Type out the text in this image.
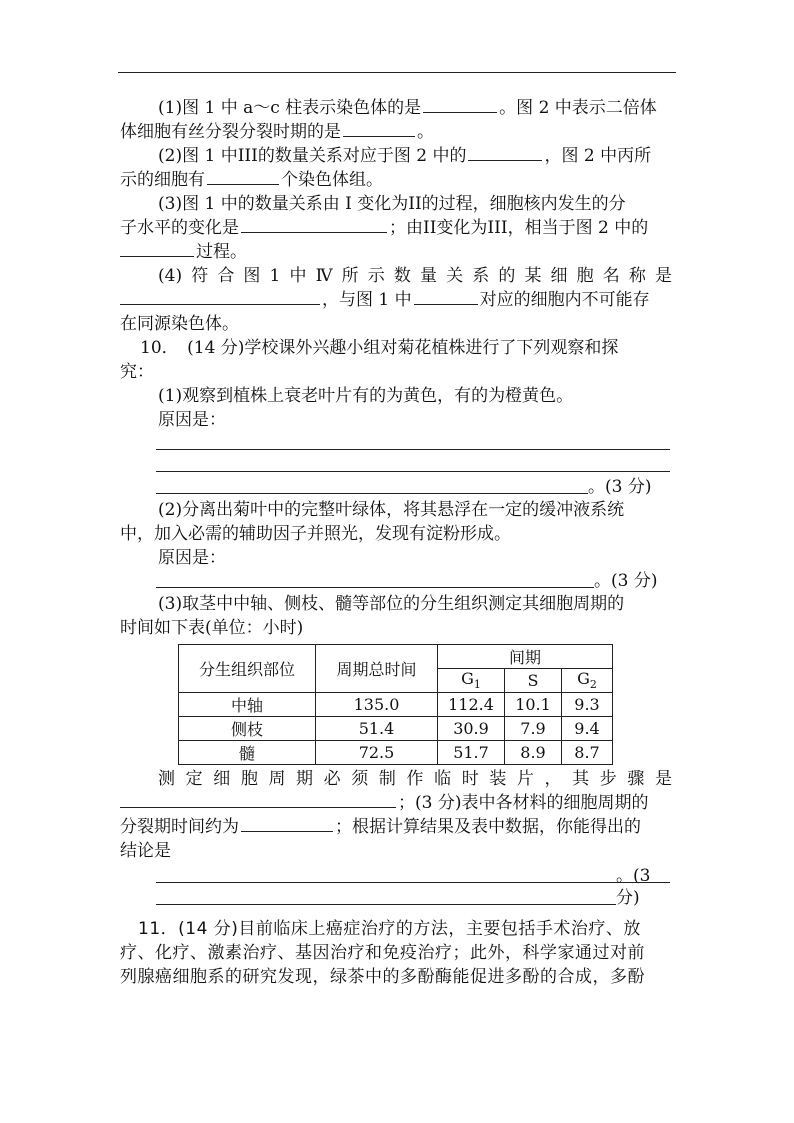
(1)图 1 中 a～c 柱表示染色体的是	。图 2 中表示二倍体
体细胞有丝分裂分裂时期的是	。
(2)图 1 中III的数量关系对应于图 2 中的	，图 2 中丙所
示的细胞有	个染色体组。
(3)图 1 中的数量关系由 I 变化为II的过程，细胞核内发生的分
子水平的变化是	；由II变化为III，相当于图 2 中的
过程。
(4) 符 合 图 1 中 Ⅳ 所 示 数 量 关 系 的 某 细 胞 名 称 是
，与图 1 中	对应的细胞内不可能存
在同源染色体。
10．　(14 分)学校课外兴趣小组对菊花植株进行了下列观察和探
究：
(1)观察到植株上衰老叶片有的为黄色，有的为橙黄色。
原因是：
。(3 分)
(2)分离出菊叶中的完整叶绿体，将其悬浮在一定的缓冲液系统
中，加入必需的辅助因子并照光，发现有淀粉形成。
原因是：
。(3 分)
(3)取茎中中轴、侧枝、髓等部位的分生组织测定其细胞周期的
时间如下表(单位：小时)
分生组织部位	周期总时间	间期		
		$G_1$	S	$G_2$
中轴	135.0	112.4	10.1	9.3
侧枝	51.4	30.9	7.9	9.4
髓	72.5	51.7	8.9	8.7
测 定 细 胞 周 期 必 须 制 作 临 时 装 片 ， 其 步 骤 是
；(3 分)表中各材料的细胞周期的
分裂期时间约为	；根据计算结果及表中数据，你能得出的
结论是
。(3 分)
11．(14 分)目前临床上癌症治疗的方法，主要包括手术治疗、放
疗、化疗、激素治疗、基因治疗和免疫治疗；此外，科学家通过对前
列腺癌细胞系的研究发现，绿茶中的多酚酶能促进多酚的合成，多酚
